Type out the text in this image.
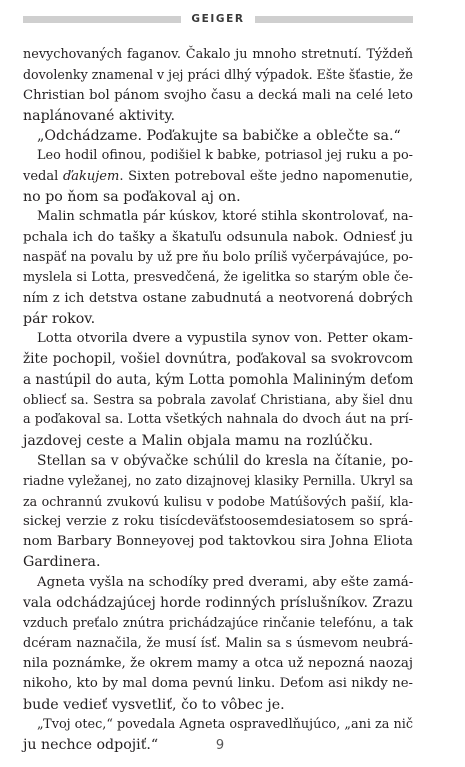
GEIGER
nevychovaných faganov. Čakalo ju mnoho stretnutí. Týždeň
dovolenky znamenal v jej práci dlhý výpadok. Ešte šťastie, že
Christian bol pánom svojho času a decká mali na celé leto
naplánované aktivity.
„Odchádzame. Poďakujte sa babičke a oblečte sa.“
Leo hodil ofinou, podišiel k babke, potriasol jej ruku a po-
vedal ďakujem. Sixten potreboval ešte jedno napomenutie,
no po ňom sa poďakoval aj on.
Malin schmatla pár kúskov, ktoré stihla skontrolovať, na-
pchala ich do tašky a škatuľu odsunula nabok. Odniesť ju
naspäť na povalu by už pre ňu bolo príliš vyčerpávajúce, po-
myslela si Lotta, presvedčená, že igelitka so starým oble če-
ním z ich detstva ostane zabudnutá a neotvorená dobrých
pár rokov.
Lotta otvorila dvere a vypustila synov von. Petter okam-
žite pochopil, vošiel dovnútra, poďakoval sa svokrovcom
a nastúpil do auta, kým Lotta pomohla Malininým deťom
obliecť sa. Sestra sa pobrala zavolať Christiana, aby šiel dnu
a poďakoval sa. Lotta všetkých nahnala do dvoch áut na prí-
jazdovej ceste a Malin objala mamu na rozlúčku.
Stellan sa v obývačke schúlil do kresla na čítanie, po-
riadne vyležanej, no zato dizajnovej klasiky Pernilla. Ukryl sa
za ochrannú zvukovú kulisu v podobe Matúšových pašií, kla-
sickej verzie z roku tisícdeväťstoosemdesiatosem so sprá-
nom Barbary Bonneyovej pod taktovkou sira Johna Eliota
Gardinera.
Agneta vyšla na schodíky pred dverami, aby ešte zamá-
vala odchádzajúcej horde rodinných príslušníkov. Zrazu
vzduch preťalo znútra prichádzajúce rinčanie telefónu, a tak
dcéram naznačila, že musí ísť. Malin sa s úsmevom neubrá-
nila poznámke, že okrem mamy a otca už nepozná naozaj
nikoho, kto by mal doma pevnú linku. Deťom asi nikdy ne-
bude vedieť vysvetliť, čo to vôbec je.
„Tvoj otec,“ povedala Agneta ospravedlňujúco, „ani za nič
ju nechce odpojiť.“	9
